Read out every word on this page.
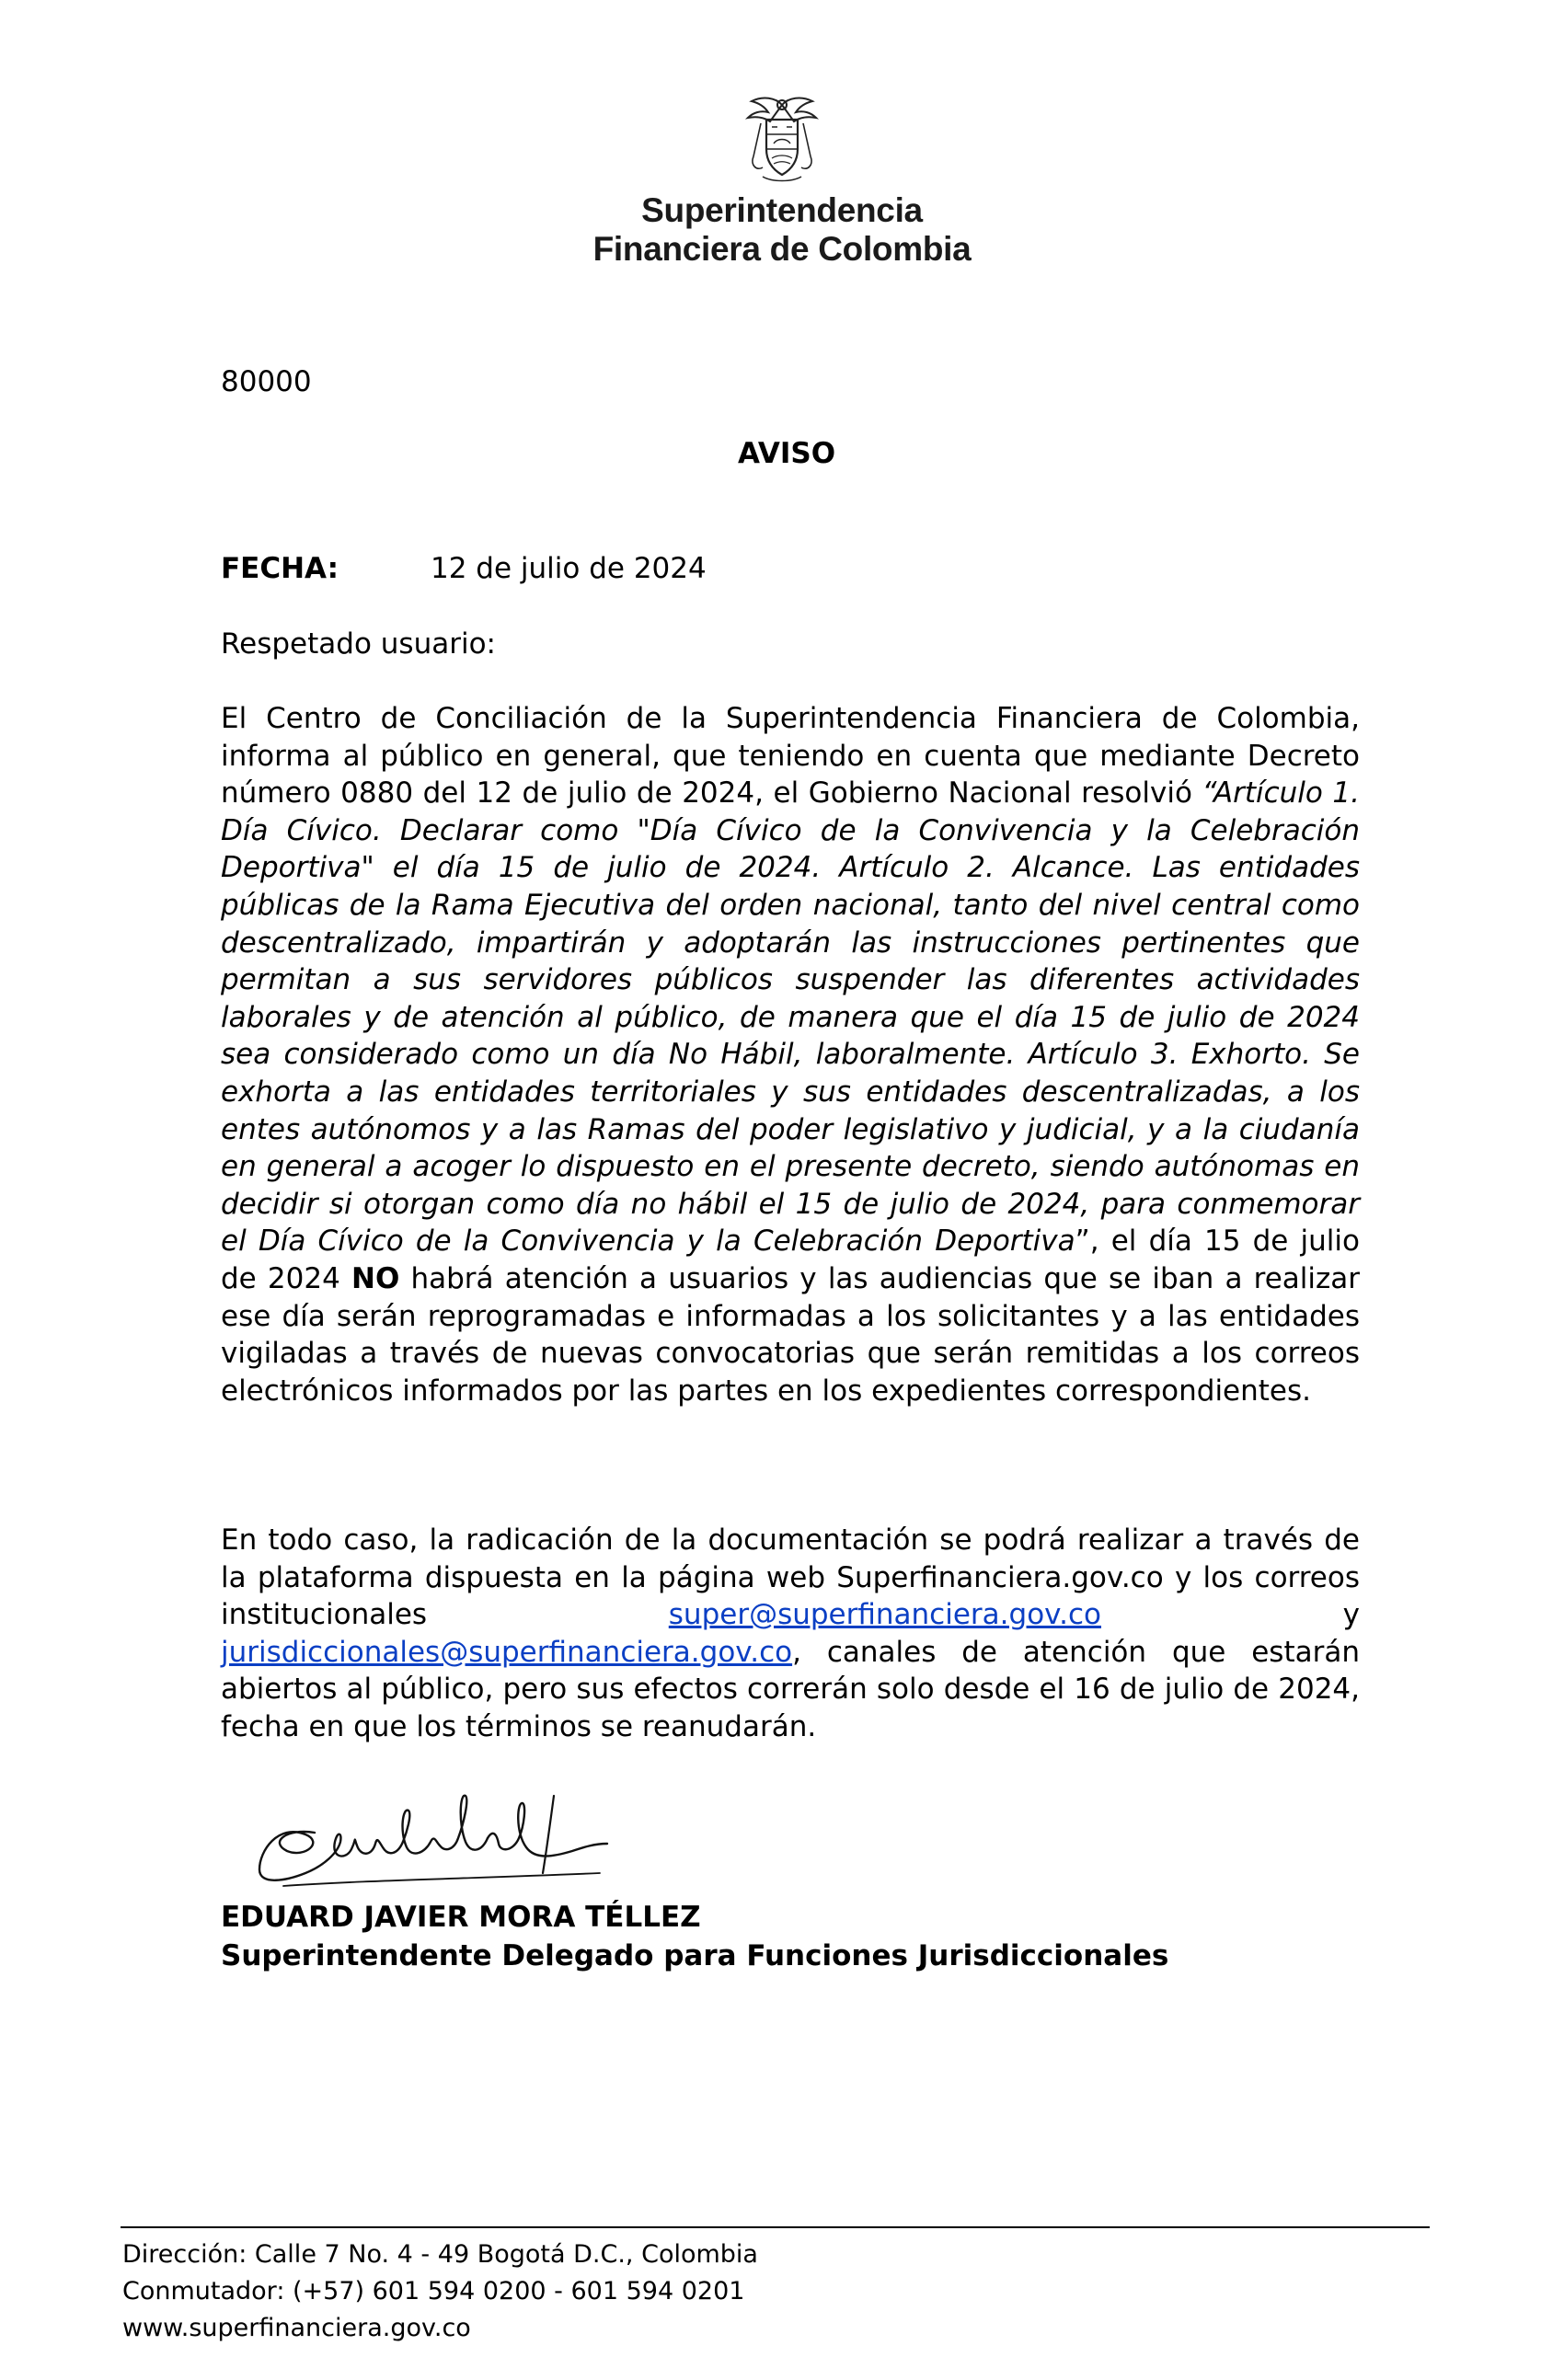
Superintendencia
Financiera de Colombia
80000
AVISO
FECHA:	12 de julio de 2024
Respetado usuario:
El Centro de Conciliación de la Superintendencia Financiera de Colombia, informa al público en general, que teniendo en cuenta que mediante Decreto número 0880 del 12 de julio de 2024, el Gobierno Nacional resolvió “Artículo 1. Día Cívico. Declarar como "Día Cívico de la Convivencia y la Celebración Deportiva" el día 15 de julio de 2024. Artículo 2. Alcance. Las entidades públicas de la Rama Ejecutiva del orden nacional, tanto del nivel central como descentralizado, impartirán y adoptarán las instrucciones pertinentes que permitan a sus servidores públicos suspender las diferentes actividades laborales y de atención al público, de manera que el día 15 de julio de 2024 sea considerado como un día No Hábil, laboralmente. Artículo 3. Exhorto. Se exhorta a las entidades territoriales y sus entidades descentralizadas, a los entes autónomos y a las Ramas del poder legislativo y judicial, y a la ciudanía en general a acoger lo dispuesto en el presente decreto, siendo autónomas en decidir si otorgan como día no hábil el 15 de julio de 2024, para conmemorar el Día Cívico de la Convivencia y la Celebración Deportiva”, el día 15 de julio de 2024 NO habrá atención a usuarios y las audiencias que se iban a realizar ese día serán reprogramadas e informadas a los solicitantes y a las entidades vigiladas a través de nuevas convocatorias que serán remitidas a los correos electrónicos informados por las partes en los expedientes correspondientes.
En todo caso, la radicación de la documentación se podrá realizar a través de la plataforma dispuesta en la página web Superfinanciera.gov.co y los correos institucionales super@superfinanciera.gov.co y jurisdiccionales@superfinanciera.gov.co, canales de atención que estarán abiertos al público, pero sus efectos correrán solo desde el 16 de julio de 2024, fecha en que los términos se reanudarán.
EDUARD JAVIER MORA TÉLLEZ
Superintendente Delegado para Funciones Jurisdiccionales
Dirección: Calle 7 No. 4 - 49 Bogotá D.C., Colombia
Conmutador: (+57) 601 594 0200 - 601 594 0201
www.superfinanciera.gov.co
